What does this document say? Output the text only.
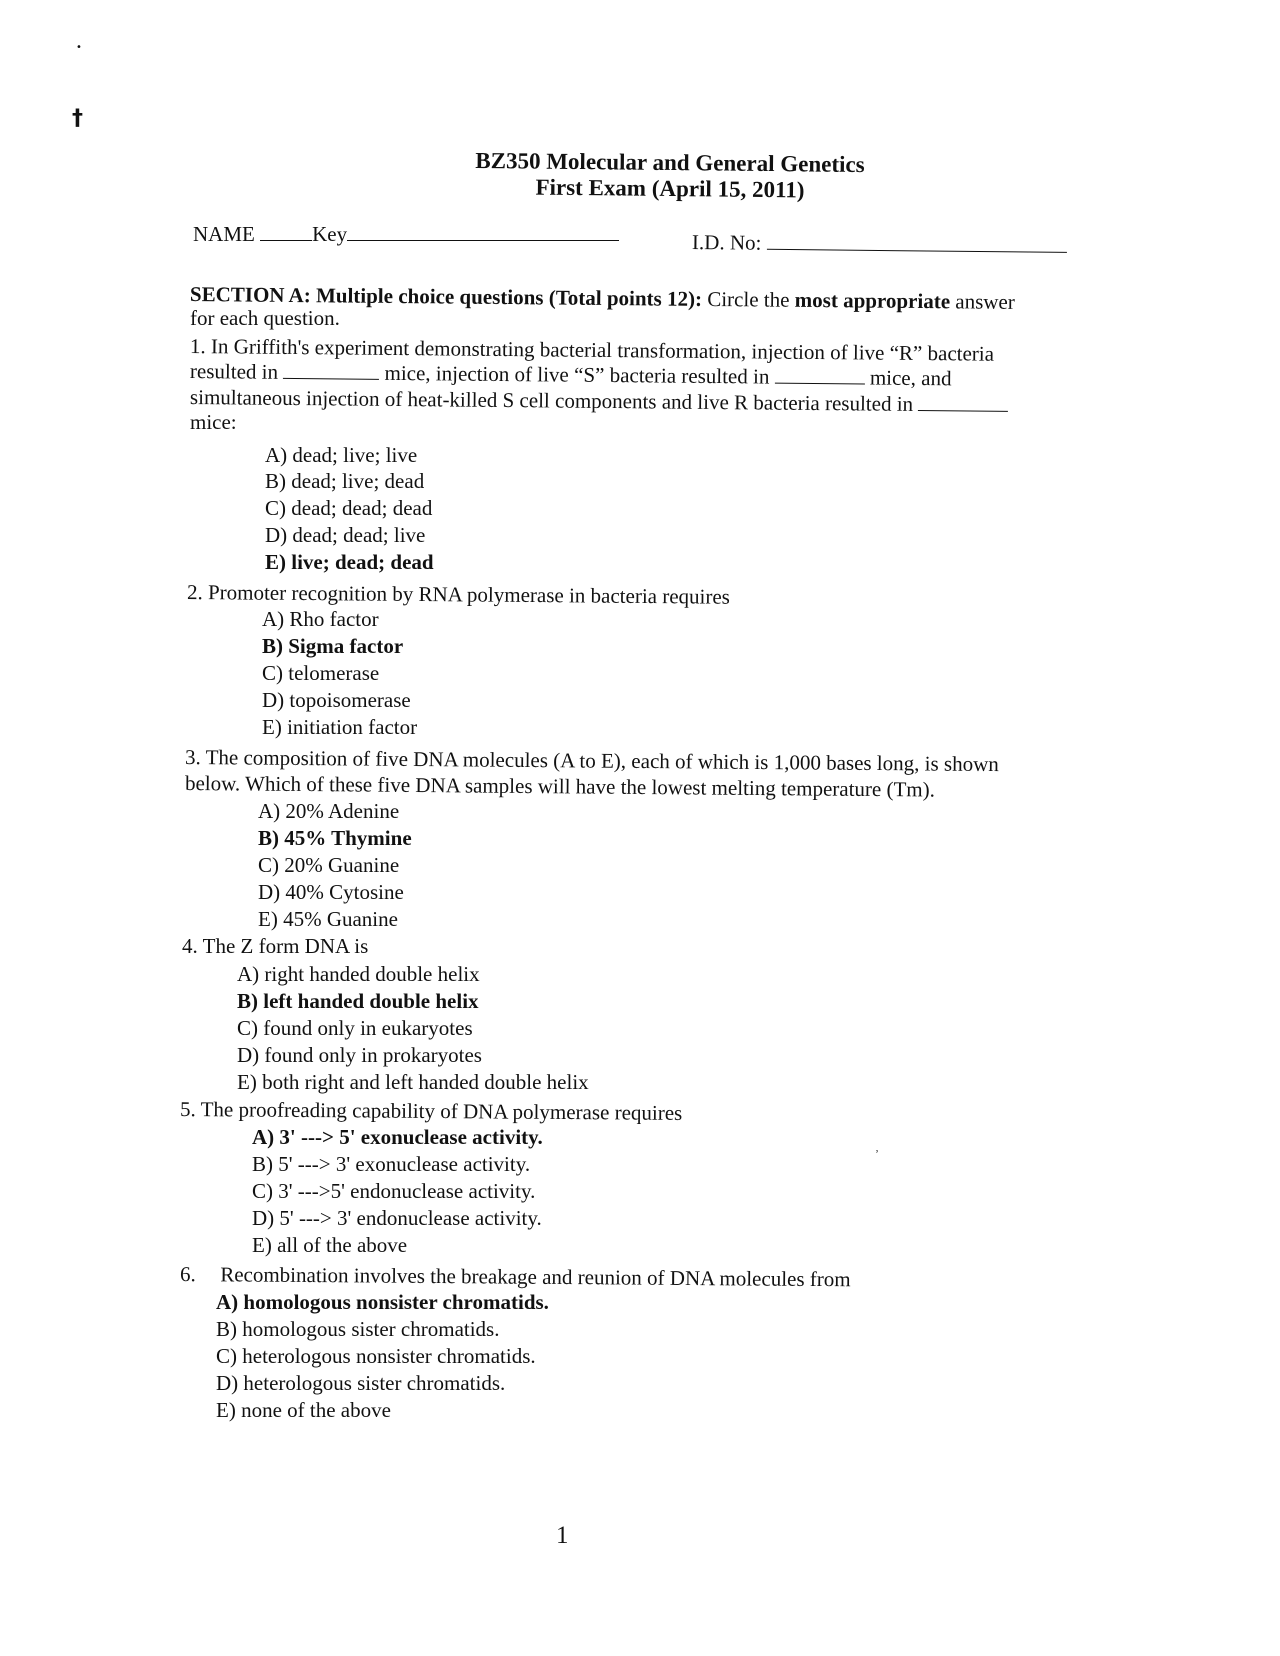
•
†
BZ350 Molecular and General Genetics
First Exam (April 15, 2011)
NAME	Key	I.D. No:
SECTION A: Multiple choice questions (Total points 12): Circle the most appropriate answer
for each question.
1. In Griffith's experiment demonstrating bacterial transformation, injection of live “R” bacteria
resulted in	mice, injection of live “S” bacteria resulted in	mice, and
simultaneous injection of heat-killed S cell components and live R bacteria resulted in
mice:
A) dead; live; live
B) dead; live; dead
C) dead; dead; dead
D) dead; dead; live
E) live; dead; dead
2. Promoter recognition by RNA polymerase in bacteria requires
A) Rho factor
B) Sigma factor
C) telomerase
D) topoisomerase
E) initiation factor
3. The composition of five DNA molecules (A to E), each of which is 1,000 bases long, is shown
below. Which of these five DNA samples will have the lowest melting temperature (Tm).
A) 20% Adenine
B) 45% Thymine
C) 20% Guanine
D) 40% Cytosine
E) 45% Guanine
4. The Z form DNA is
A) right handed double helix
B) left handed double helix
C) found only in eukaryotes
D) found only in prokaryotes
E) both right and left handed double helix
5. The proofreading capability of DNA polymerase requires
A) 3' ---> 5' exonuclease activity.
B) 5' ---> 3' exonuclease activity.
C) 3' --->5' endonuclease activity.
D) 5' ---> 3' endonuclease activity.
E) all of the above
‚
6. Recombination involves the breakage and reunion of DNA molecules from
A) homologous nonsister chromatids.
B) homologous sister chromatids.
C) heterologous nonsister chromatids.
D) heterologous sister chromatids.
E) none of the above
1
